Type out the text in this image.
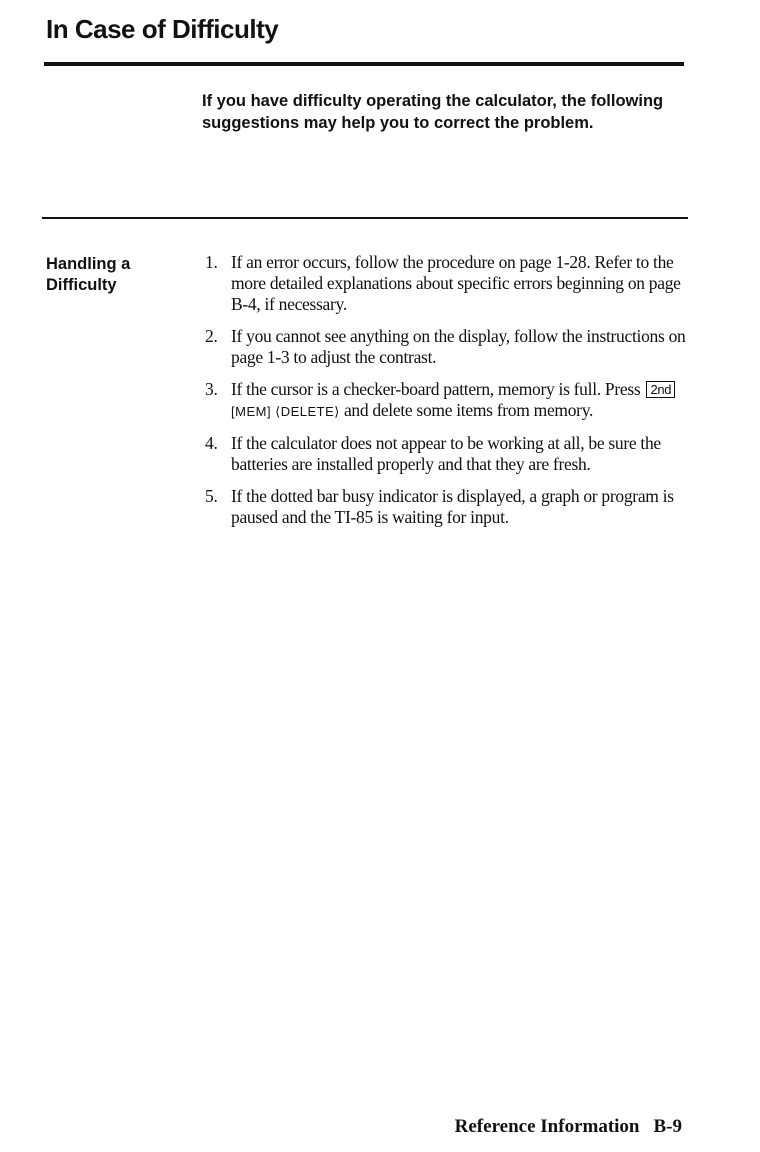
In Case of Difficulty
If you have difficulty operating the calculator, the following suggestions may help you to correct the problem.
Handling a Difficulty
1. If an error occurs, follow the procedure on page 1-28. Refer to the more detailed explanations about specific errors beginning on page B-4, if necessary.
2. If you cannot see anything on the display, follow the instructions on page 1-3 to adjust the contrast.
3. If the cursor is a checker-board pattern, memory is full. Press 2nd [MEM] ⟨DELETE⟩ and delete some items from memory.
4. If the calculator does not appear to be working at all, be sure the batteries are installed properly and that they are fresh.
5. If the dotted bar busy indicator is displayed, a graph or program is paused and the TI-85 is waiting for input.
Reference Information B-9
